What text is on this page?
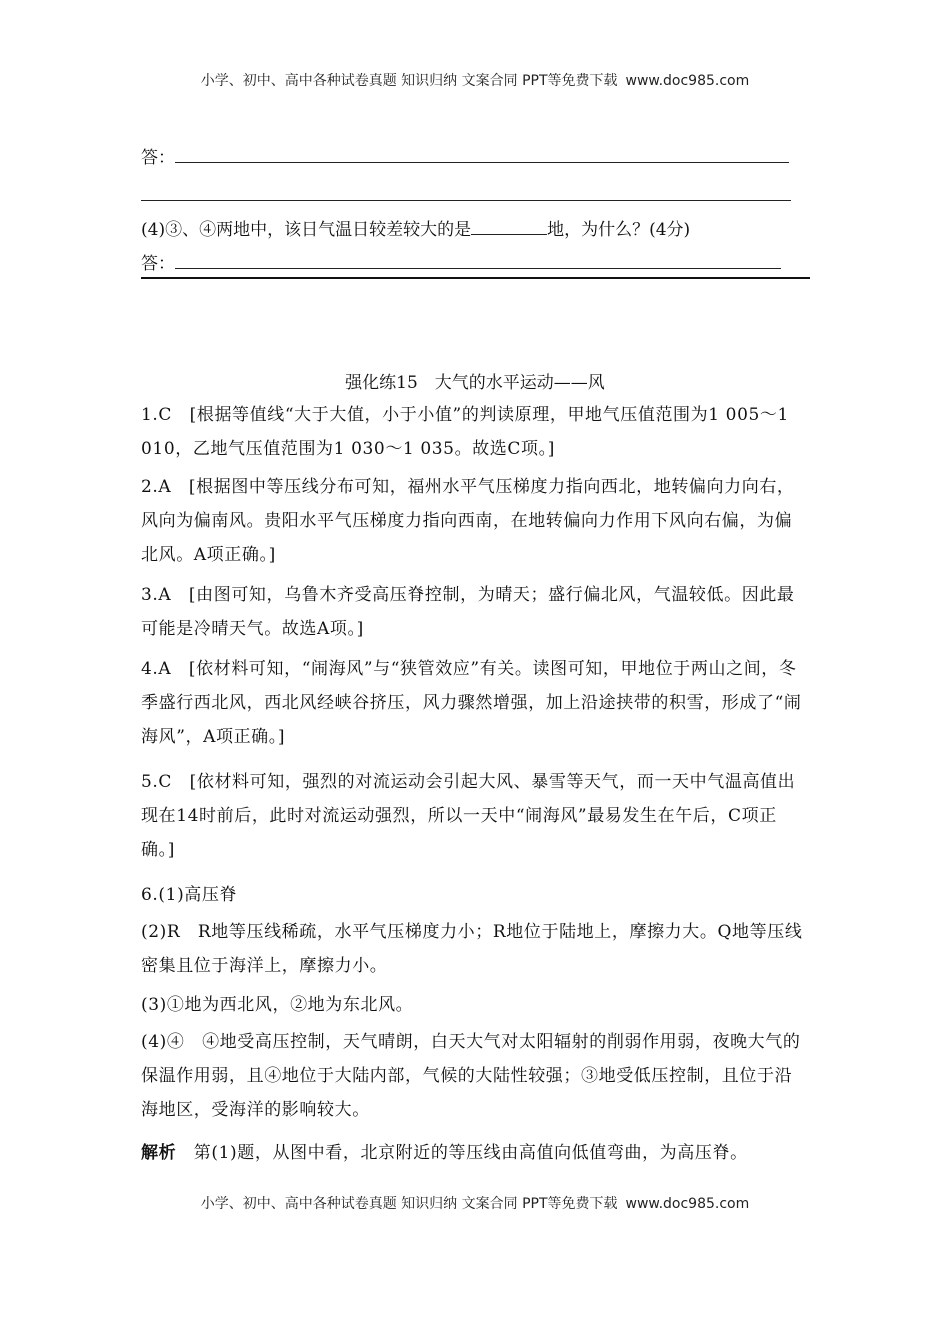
小学、初中、高中各种试卷真题 知识归纳 文案合同 PPT等免费下载 www.doc985.com
答：
(4)③、④两地中，该日气温日较差较大的是	地，为什么？(4分)
答：
强化练15　大气的水平运动——风
1.C　[根据等值线“大于大值，小于小值”的判读原理，甲地气压值范围为1 005～1 010，乙地气压值范围为1 030～1 035。故选C项。]
2.A　[根据图中等压线分布可知，福州水平气压梯度力指向西北，地转偏向力向右，风向为偏南风。贵阳水平气压梯度力指向西南，在地转偏向力作用下风向右偏，为偏北风。A项正确。]
3.A　[由图可知，乌鲁木齐受高压脊控制，为晴天；盛行偏北风，气温较低。因此最可能是冷晴天气。故选A项。]
4.A　[依材料可知，“闹海风”与“狭管效应”有关。读图可知，甲地位于两山之间，冬季盛行西北风，西北风经峡谷挤压，风力骤然增强，加上沿途挟带的积雪，形成了“闹海风”，A项正确。]
5.C　[依材料可知，强烈的对流运动会引起大风、暴雪等天气，而一天中气温高值出现在14时前后，此时对流运动强烈，所以一天中“闹海风”最易发生在午后，C项正确。]
6.(1)高压脊
(2)R　R地等压线稀疏，水平气压梯度力小；R地位于陆地上，摩擦力大。Q地等压线密集且位于海洋上，摩擦力小。
(3)①地为西北风，②地为东北风。
(4)④　④地受高压控制，天气晴朗，白天大气对太阳辐射的削弱作用弱，夜晚大气的保温作用弱，且④地位于大陆内部，气候的大陆性较强；③地受低压控制，且位于沿海地区，受海洋的影响较大。
解析　第(1)题，从图中看，北京附近的等压线由高值向低值弯曲，为高压脊。
小学、初中、高中各种试卷真题 知识归纳 文案合同 PPT等免费下载 www.doc985.com
